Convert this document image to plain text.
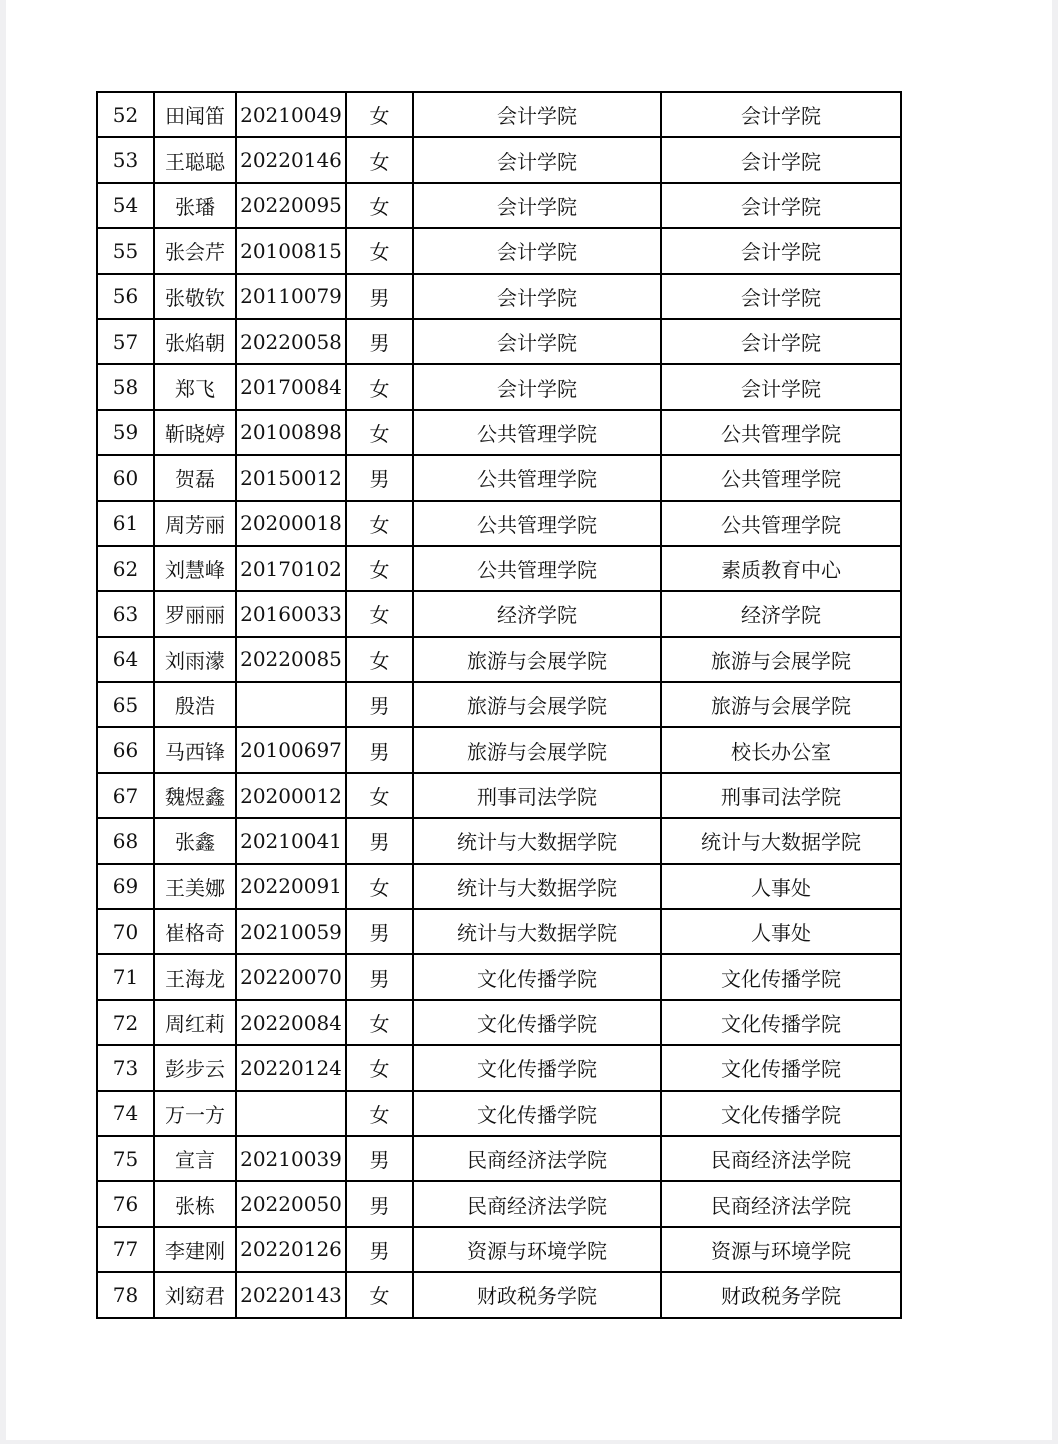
52	田闻笛	20210049	女	会计学院	会计学院
53	王聪聪	20220146	女	会计学院	会计学院
54	张璠	20220095	女	会计学院	会计学院
55	张会芹	20100815	女	会计学院	会计学院
56	张敬钦	20110079	男	会计学院	会计学院
57	张焰朝	20220058	男	会计学院	会计学院
58	郑飞	20170084	女	会计学院	会计学院
59	靳晓婷	20100898	女	公共管理学院	公共管理学院
60	贺磊	20150012	男	公共管理学院	公共管理学院
61	周芳丽	20200018	女	公共管理学院	公共管理学院
62	刘慧峰	20170102	女	公共管理学院	素质教育中心
63	罗丽丽	20160033	女	经济学院	经济学院
64	刘雨濛	20220085	女	旅游与会展学院	旅游与会展学院
65	殷浩		男	旅游与会展学院	旅游与会展学院
66	马西锋	20100697	男	旅游与会展学院	校长办公室
67	魏煜鑫	20200012	女	刑事司法学院	刑事司法学院
68	张鑫	20210041	男	统计与大数据学院	统计与大数据学院
69	王美娜	20220091	女	统计与大数据学院	人事处
70	崔格奇	20210059	男	统计与大数据学院	人事处
71	王海龙	20220070	男	文化传播学院	文化传播学院
72	周红莉	20220084	女	文化传播学院	文化传播学院
73	彭步云	20220124	女	文化传播学院	文化传播学院
74	万一方		女	文化传播学院	文化传播学院
75	宣言	20210039	男	民商经济法学院	民商经济法学院
76	张栋	20220050	男	民商经济法学院	民商经济法学院
77	李建刚	20220126	男	资源与环境学院	资源与环境学院
78	刘窈君	20220143	女	财政税务学院	财政税务学院
